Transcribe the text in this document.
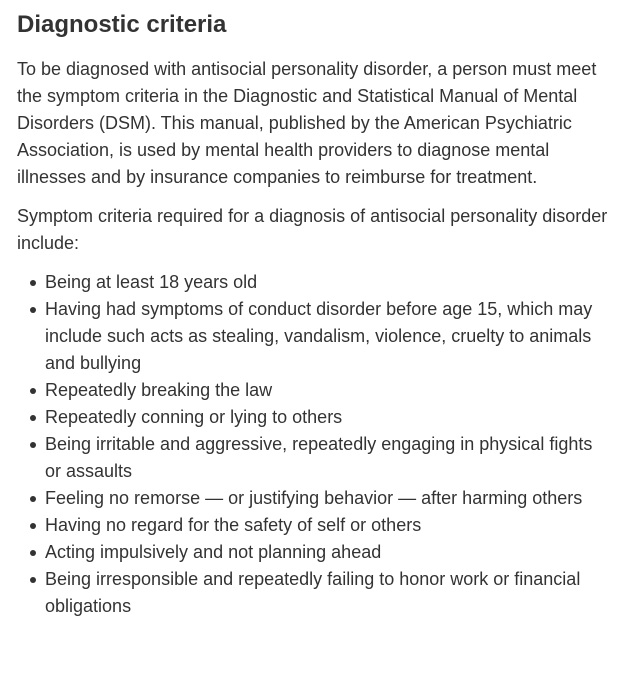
Diagnostic criteria

To be diagnosed with antisocial personality disorder, a person must meet the symptom criteria in the Diagnostic and Statistical Manual of Mental Disorders (DSM). This manual, published by the American Psychiatric Association, is used by mental health providers to diagnose mental illnesses and by insurance companies to reimburse for treatment.

Symptom criteria required for a diagnosis of antisocial personality disorder include:

Being at least 18 years old
Having had symptoms of conduct disorder before age 15, which may include such acts as stealing, vandalism, violence, cruelty to animals and bullying
Repeatedly breaking the law
Repeatedly conning or lying to others
Being irritable and aggressive, repeatedly engaging in physical fights or assaults
Feeling no remorse — or justifying behavior — after harming others
Having no regard for the safety of self or others
Acting impulsively and not planning ahead
Being irresponsible and repeatedly failing to honor work or financial obligations
